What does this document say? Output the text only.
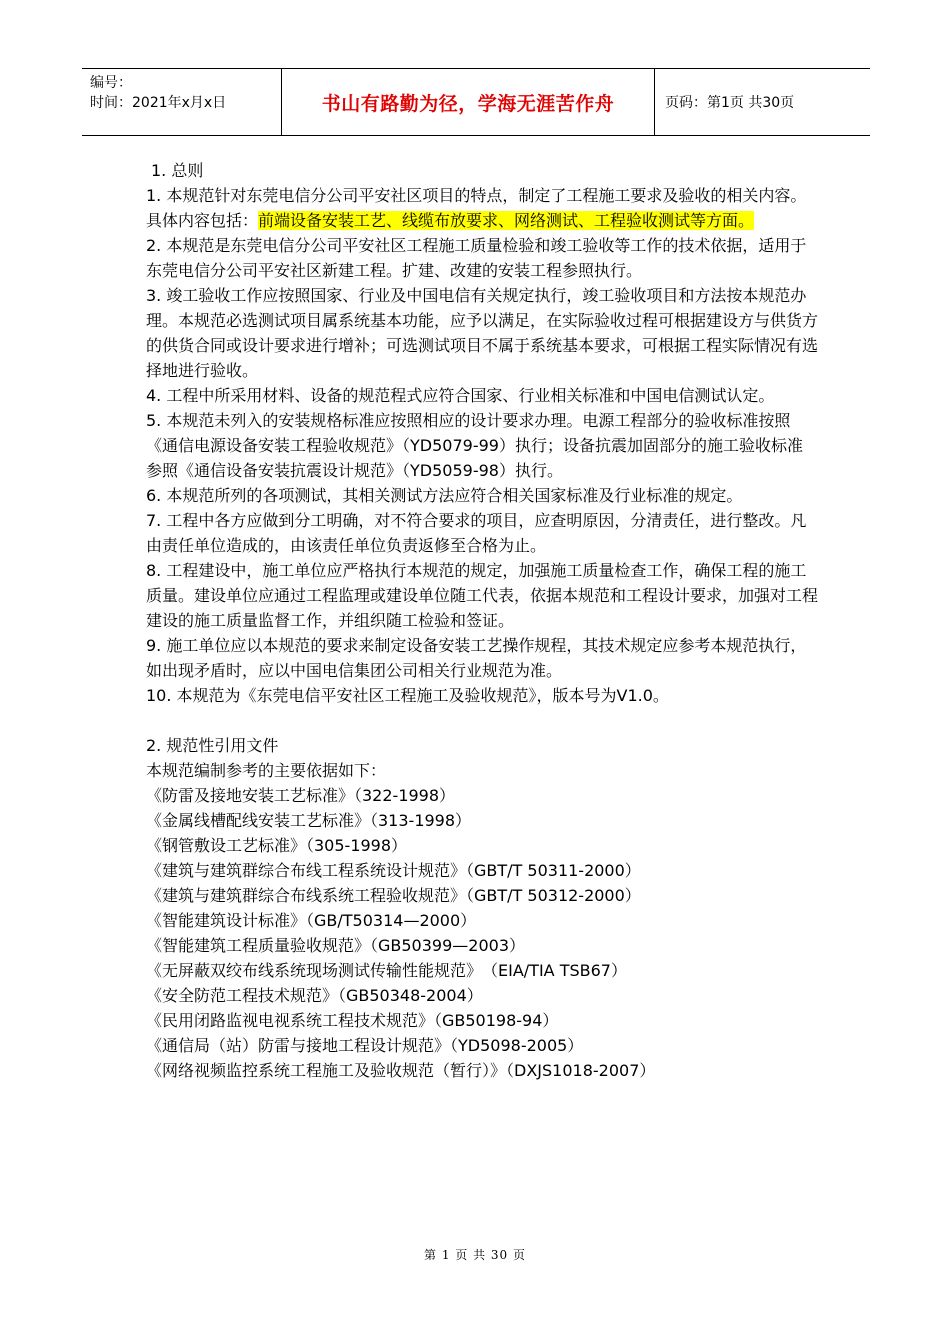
编号：
时间：2021年x月x日	书山有路勤为径，学海无涯苦作舟	页码：第1页 共30页

1. 总则

1. 本规范针对东莞电信分公司平安社区项目的特点，制定了工程施工要求及验收的相关内容。具体内容包括：前端设备安装工艺、线缆布放要求、网络测试、工程验收测试等方面。

2. 本规范是东莞电信分公司平安社区工程施工质量检验和竣工验收等工作的技术依据，适用于东莞电信分公司平安社区新建工程。扩建、改建的安装工程参照执行。

3. 竣工验收工作应按照国家、行业及中国电信有关规定执行，竣工验收项目和方法按本规范办理。本规范必选测试项目属系统基本功能，应予以满足，在实际验收过程可根据建设方与供货方的供货合同或设计要求进行增补；可选测试项目不属于系统基本要求，可根据工程实际情况有选择地进行验收。

4. 工程中所采用材料、设备的规范程式应符合国家、行业相关标准和中国电信测试认定。

5. 本规范未列入的安装规格标准应按照相应的设计要求办理。电源工程部分的验收标准按照《通信电源设备安装工程验收规范》（YD5079-99）执行；设备抗震加固部分的施工验收标准参照《通信设备安装抗震设计规范》（YD5059-98）执行。

6. 本规范所列的各项测试，其相关测试方法应符合相关国家标准及行业标准的规定。

7. 工程中各方应做到分工明确，对不符合要求的项目，应查明原因，分清责任，进行整改。凡由责任单位造成的，由该责任单位负责返修至合格为止。

8. 工程建设中，施工单位应严格执行本规范的规定，加强施工质量检查工作，确保工程的施工质量。建设单位应通过工程监理或建设单位随工代表，依据本规范和工程设计要求，加强对工程建设的施工质量监督工作，并组织随工检验和签证。

9. 施工单位应以本规范的要求来制定设备安装工艺操作规程，其技术规定应参考本规范执行，如出现矛盾时，应以中国电信集团公司相关行业规范为准。

10. 本规范为《东莞电信平安社区工程施工及验收规范》，版本号为V1.0。

2. 规范性引用文件

本规范编制参考的主要依据如下：

《防雷及接地安装工艺标准》（322-1998）

《金属线槽配线安装工艺标准》（313-1998）

《钢管敷设工艺标准》（305-1998）

《建筑与建筑群综合布线工程系统设计规范》（GBT/T 50311-2000）

《建筑与建筑群综合布线系统工程验收规范》（GBT/T 50312-2000）

《智能建筑设计标准》（GB/T50314—2000）

《智能建筑工程质量验收规范》（GB50399—2003）

《无屏蔽双绞布线系统现场测试传输性能规范》　（EIA/TIA TSB67）

《安全防范工程技术规范》（GB50348-2004）

《民用闭路监视电视系统工程技术规范》（GB50198-94）

《通信局（站）防雷与接地工程设计规范》（YD5098-2005）

《网络视频监控系统工程施工及验收规范（暂行）》（DXJS1018-2007）

第 1 页 共 30 页
